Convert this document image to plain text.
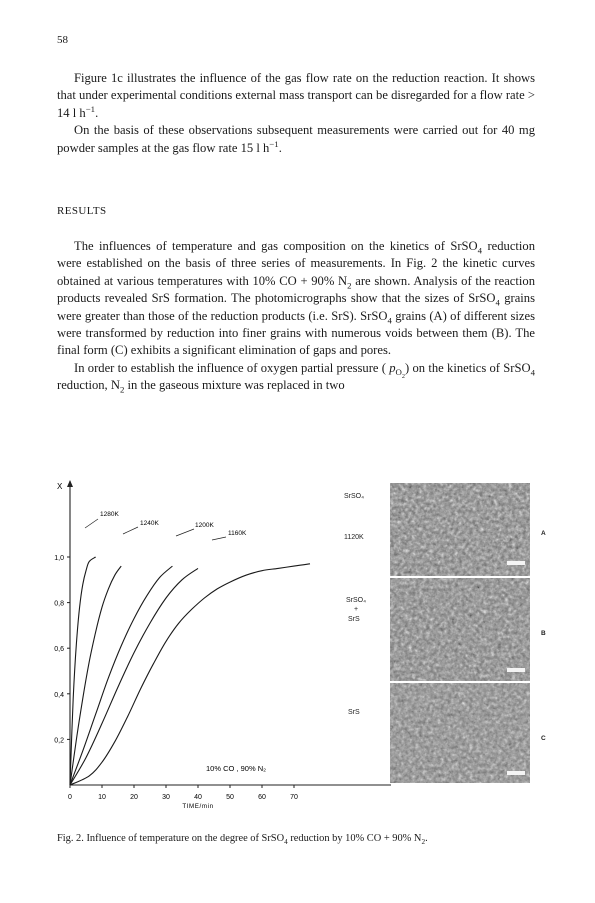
58

Figure 1c illustrates the influence of the gas flow rate on the reduction reaction. It shows that under experimental conditions external mass transport can be disregarded for a flow rate > 14 l $h^{-1}$.

On the basis of these observations subsequent measurements were carried out for 40 mg powder samples at the gas flow rate 15 l $h^{-1}$.

RESULTS

The influences of temperature and gas composition on the kinetics of SrSO$_4$ reduction were established on the basis of three series of measurements. In Fig. 2 the kinetic curves obtained at various temperatures with 10% CO + 90% $N_2$ are shown. Analysis of the reaction products revealed SrS formation. The photomicrographs show that the sizes of SrSO$_4$ grains were greater than those of the reduction products (i.e. SrS). SrSO$_4$ grains (A) of different sizes were transformed by reduction into finer grains with numerous voids between them (B). The final form (C) exhibits a significant elimination of gaps and pores.

In order to establish the influence of oxygen partial pressure ( $p_{O_2}$) on the kinetics of SrSO$_4$ reduction, $N_2$ in the gaseous mixture was replaced in two

X
0	10	20	30	40	50	60	70
TIME/min
0,2
0,4
0,6
0,8
1,0
1280K
1240K	1200K
1160K
10% CO , 90% N₂
SrSO₄
1120K
SrSO₄
+
SrS
SrS
A
B
C
Fig. 2. Influence of temperature on the degree of SrSO$_4$ reduction by 10% CO + 90% $N_2$.
